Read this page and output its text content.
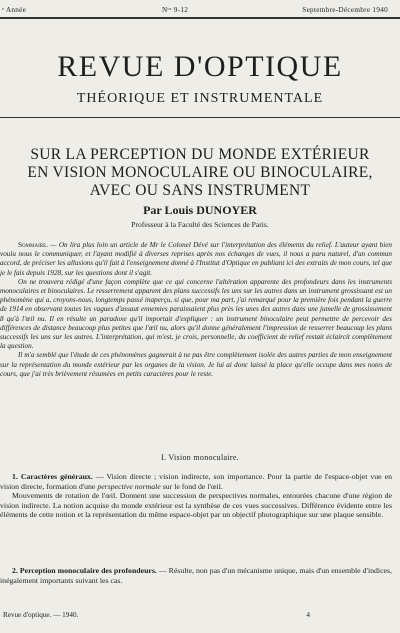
ᵉ Année	Nᵒˢ 9-12	Septembre-Décembre 1940
REVUE D'OPTIQUE
THÉORIQUE ET INSTRUMENTALE
SUR LA PERCEPTION DU MONDE EXTÉRIEUR
EN VISION MONOCULAIRE OU BINOCULAIRE,
AVEC OU SANS INSTRUMENT
Par Louis DUNOYER
Professeur à la Faculté des Sciences de Paris.

Sommaire. — On lira plus loin un article de Mr le Colonel Dévé sur l'interprétation des éléments du relief. L'auteur ayant bien voulu nous le communiquer, et l'ayant modifié à diverses reprises après nos échanges de vues, il nous a paru naturel, d'un commun accord, de préciser les allusions qu'il fait à l'enseignement donné à l'Institut d'Optique en publiant ici des extraits de mon cours, tel que je le fais depuis 1928, sur les questions dont il s'agit.

On ne trouvera rédigé d'une façon complète que ce qui concerne l'altération apparente des profondeurs dans les instruments monoculaires et binoculaires. Le resserrement apparent des plans successifs les uns sur les autres dans un instrument grossissant est un phénomène qui a, croyons-nous, longtemps passé inaperçu, si que, pour ma part, j'ai remarqué pour la première fois pendant la guerre de 1914 en observant toutes les vagues d'assaut ennemies paraissaient plus près les unes des autres dans une jumelle de grossissement 8 qu'à l'œil nu. Il en résulte un paradoxe qu'il importait d'expliquer : un instrument binoculaire peut permettre de percevoir des différences de distance beaucoup plus petites que l'œil nu, alors qu'il donne généralement l'impression de resserrer beaucoup les plans successifs les uns sur les autres. L'interprétation, qui m'est, je crois, personnelle, du coefficient de relief restait éclaircit complètement la question.

Il m'a semblé que l'étude de ces phénomènes gagnerait à ne pas être complètement isolée des autres parties de mon enseignement sur la représentation du monde extérieur par les organes de la vision. Je lui ai donc laissé la place qu'elle occupe dans mes notes de cours, que j'ai très brièvement résumées en petits caractères pour le reste.

I. Vision monoculaire.

1. Caractères généraux. — Vision directe ; vision indirecte, son importance. Pour la partie de l'espace-objet vue en vision directe, formation d'une perspective normale sur le fond de l'œil.

Mouvements de rotation de l'œil. Donnent une succession de perspectives normales, entourées chacune d'une région de vision indirecte. La notion acquise du monde extérieur est la synthèse de ces vues successives. Différence évidente entre les éléments de cette notion et la représentation du même espace-objet par un objectif photographique sur une plaque sensible.

2. Perception monoculaire des profondeurs. — Résulte, non pas d'un mécanisme unique, mais d'un ensemble d'indices, inégalement importants suivant les cas.

Revue d'optique. — 1940.	4
